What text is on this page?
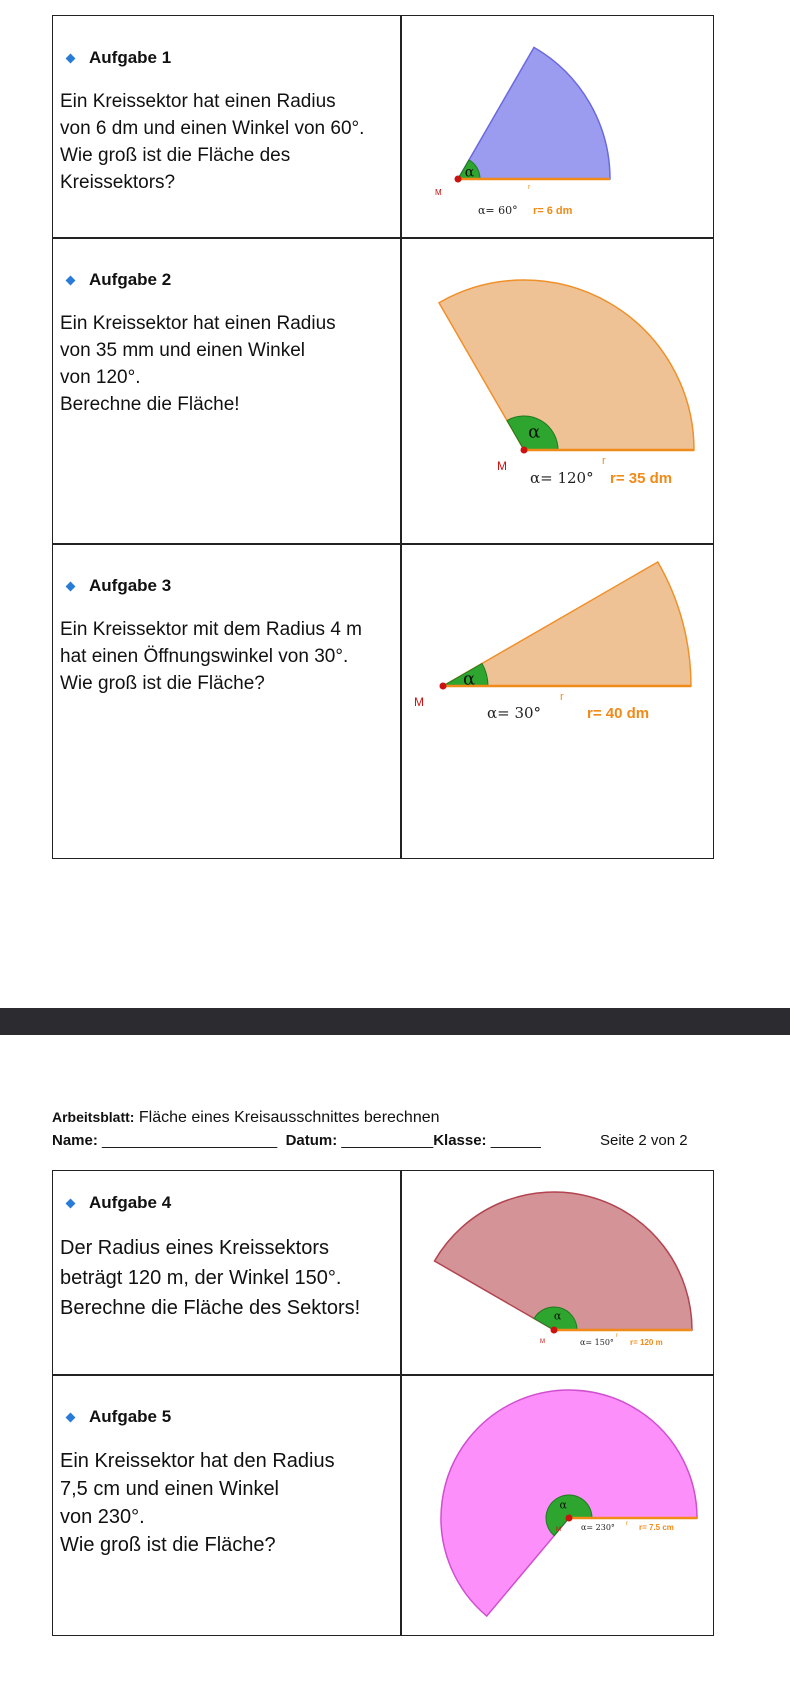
Aufgabe 1
Ein Kreissektor hat einen Radius
von 6 dm und einen Winkel von 60°.
Wie groß ist die Fläche des
Kreissektors?
Aufgabe 2
Ein Kreissektor hat einen Radius
von 35 mm und einen Winkel
von 120°.
Berechne die Fläche!
Aufgabe 3
Ein Kreissektor mit dem Radius 4 m
hat einen Öffnungswinkel von 30°.
Wie groß ist die Fläche?
Arbeitsblatt: Fläche eines Kreisausschnittes berechnen
Name: _____________________ Datum: ___________Klasse: ______	Seite 2 von 2
Aufgabe 4
Der Radius eines Kreissektors
beträgt 120 m, der Winkel 150°.
Berechne die Fläche des Sektors!
Aufgabe 5
Ein Kreissektor hat den Radius
7,5 cm und einen Winkel
von 230°.
Wie groß ist die Fläche?
α
M
r
α= 60° r= 6 dm
α
M	r
α= 120° r= 35 dm
α
M	r
α= 30°	r= 40 dm
α
M
r
α= 150° r= 120 m
α
M
r
α= 230°	r= 7.5 cm
